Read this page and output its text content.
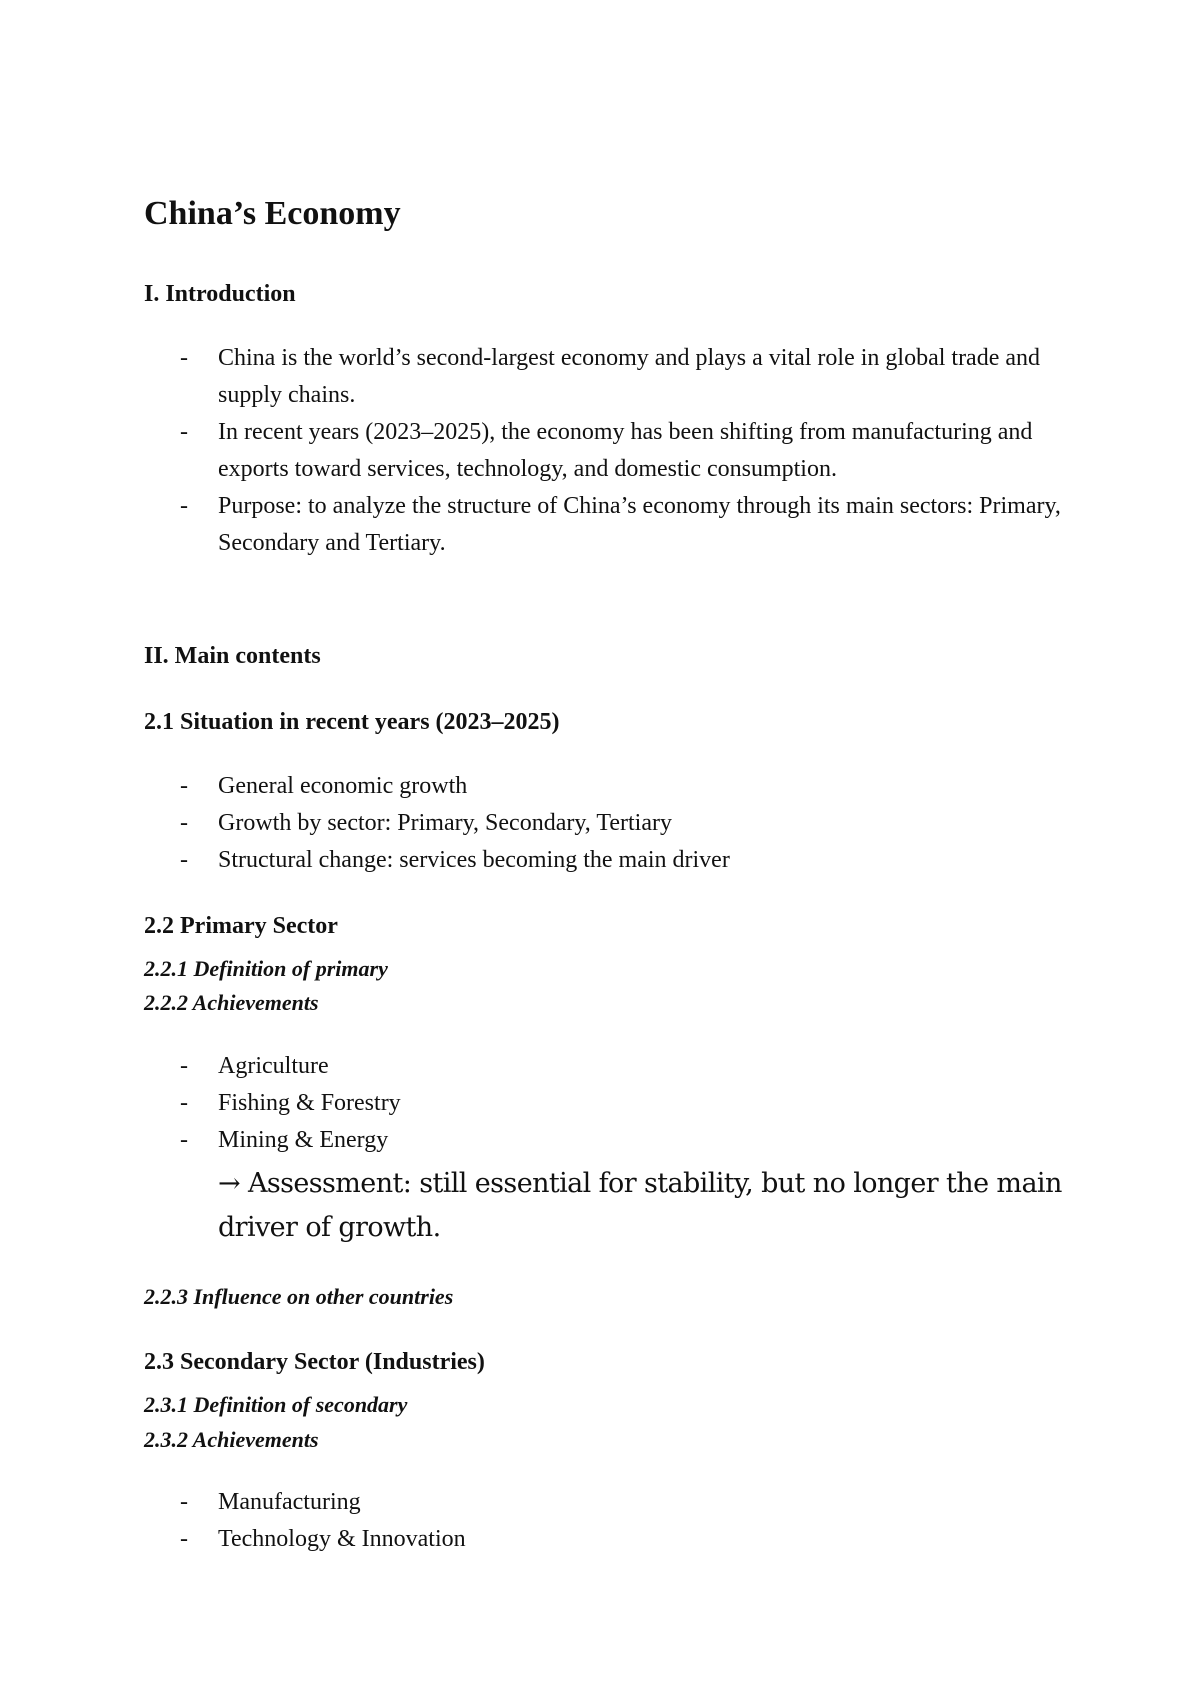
China’s Economy
I. Introduction
- China is the world’s second-largest economy and plays a vital role in global trade and supply chains.
- In recent years (2023–2025), the economy has been shifting from manufacturing and exports toward services, technology, and domestic consumption.
- Purpose: to analyze the structure of China’s economy through its main sectors: Primary, Secondary and Tertiary.
II. Main contents
2.1 Situation in recent years (2023–2025)
- General economic growth
- Growth by sector: Primary, Secondary, Tertiary
- Structural change: services becoming the main driver
2.2 Primary Sector
2.2.1 Definition of primary
2.2.2 Achievements
- Agriculture
- Fishing & Forestry
- Mining & Energy

→ Assessment: still essential for stability, but no longer the main driver of growth.

2.2.3 Influence on other countries
2.3 Secondary Sector (Industries)
2.3.1 Definition of secondary
2.3.2 Achievements
- Manufacturing
- Technology & Innovation
